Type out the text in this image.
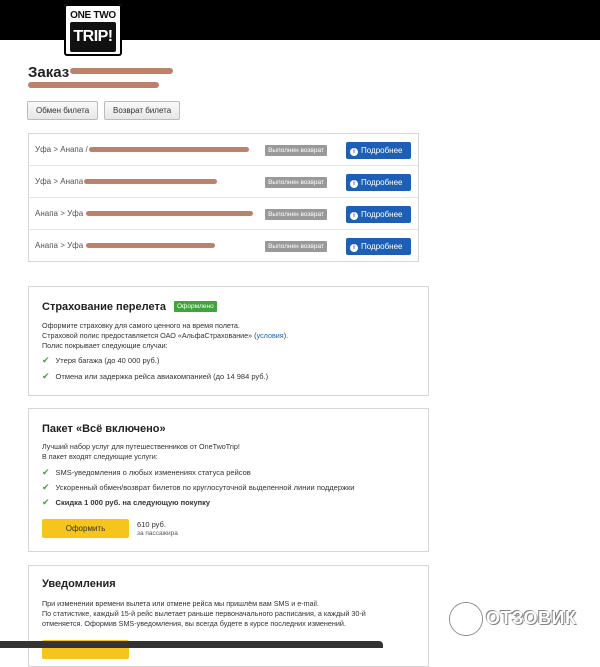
ONE TWO
TRIP!
Заказ
Обмен билета	Возврат билета
Уфа > Анапа /	Выполнен возврат	i Подробнее
Уфа > Анапа	Выполнен возврат	i Подробнее
Анапа > Уфа	Выполнен возврат	i Подробнее
Анапа > Уфа	Выполнен возврат	i Подробнее
Страхование перелета	Оформлено
Оформите страховку для самого ценного на время полета.
Страховой полис предоставляется ОАО «АльфаСтрахование» (условия).
Полис покрывает следующие случаи:
✔ Утеря багажа (до 40 000 руб.)
✔ Отмена или задержка рейса авиакомпанией (до 14 984 руб.)
Пакет «Всё включено»
Лучший набор услуг для путешественников от OneTwoTrip!
В пакет входят следующие услуги:
✔ SMS-уведомления о любых изменениях статуса рейсов
✔ Ускоренный обмен/возврат билетов по круглосуточной выделенной линии поддержки
✔ Скидка 1 000 руб. на следующую покупку
Оформить	610 руб.
за пассажира
Уведомления
При изменении времени вылета или отмене рейса мы пришлём вам SMS и e-mail.
По статистике, каждый 15-й рейс вылетает раньше первоначального расписания, а каждый 30-й
отменяется. Оформив SMS-уведомления, вы всегда будете в курсе последних изменений.	ОТЗОВИК
